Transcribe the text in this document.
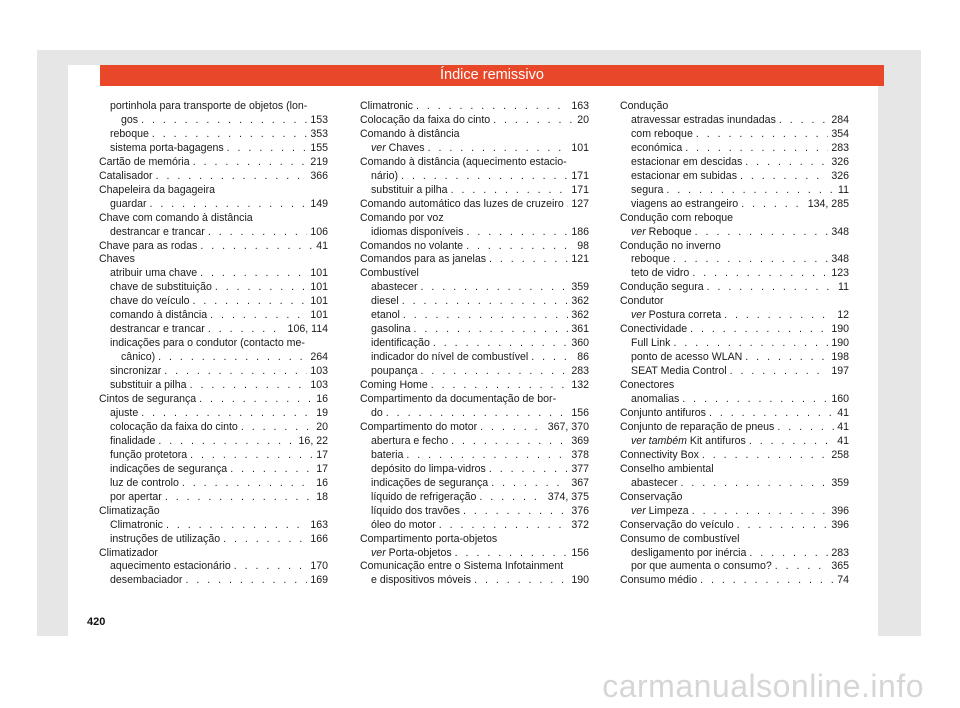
Índice remissivo
portinhola para transporte de objetos (lon-
gos . . .	153
reboque . . .	353
sistema porta-bagagens . . .	155
Cartão de memória . . .	219
Catalisador . . .	366
Chapeleira da bagageira
guardar . . .	149
Chave com comando à distância
destrancar e trancar . . .	106
Chave para as rodas . . .	41
Chaves
atribuir uma chave . . .	101
chave de substituição . . .	101
chave do veículo . . .	101
comando à distância . . .	101
destrancar e trancar . . .	106, 114
indicações para o condutor (contacto me-
cânico) . . .	264
sincronizar . . .	103
substituir a pilha . . .	103
Cintos de segurança . . .	16
ajuste . . .	19
colocação da faixa do cinto . . .	20
finalidade . . .	16, 22
função protetora . . .	17
indicações de segurança . . .	17
luz de controlo . . .	16
por apertar . . .	18
Climatização
Climatronic . . .	163
instruções de utilização . . .	166
Climatizador
aquecimento estacionário . . .	170
desembaciador . . .	169
Climatronic . . .	163
Colocação da faixa do cinto . . .	20
Comando à distância
ver Chaves . . .	101
Comando à distância (aquecimento estacio-
nário) . . .	171
substituir a pilha . . .	171
Comando automático das luzes de cruzeiro . . . 127
Comando por voz
idiomas disponíveis . . .	186
Comandos no volante . . .	98
Comandos para as janelas . . .	121
Combustível
abastecer . . .	359
diesel . . .	362
etanol . . .	362
gasolina . . .	361
identificação . . .	360
indicador do nível de combustível . . .	86
poupança . . .	283
Coming Home . . .	132
Compartimento da documentação de bor-
do . . .	156
Compartimento do motor . . .	367, 370
abertura e fecho . . .	369
bateria . . .	378
depósito do limpa-vidros . . .	377
indicações de segurança . . .	367
líquido de refrigeração . . .	374, 375
líquido dos travões . . .	376
óleo do motor . . .	372
Compartimento porta-objetos
ver Porta-objetos . . .	156
Comunicação entre o Sistema Infotainment
e dispositivos móveis . . .	190
Condução
atravessar estradas inundadas . . .	284
com reboque . . .	354
económica . . .	283
estacionar em descidas . . .	326
estacionar em subidas . . .	326
segura . . .	11
viagens ao estrangeiro . . .	134, 285
Condução com reboque
ver Reboque . . .	348
Condução no inverno
reboque . . .	348
teto de vidro . . .	123
Condução segura . . .	11
Condutor
ver Postura correta . . .	12
Conectividade . . .	190
Full Link . . .	190
ponto de acesso WLAN . . .	198
SEAT Media Control . . .	197
Conectores
anomalias . . .	160
Conjunto antifuros . . .	41
Conjunto de reparação de pneus . . .	41
ver também Kit antifuros . . .	41
Connectivity Box . . .	258
Conselho ambiental
abastecer . . .	359
Conservação
ver Limpeza . . .	396
Conservação do veículo . . .	396
Consumo de combustível
desligamento por inércia . . .	283
por que aumenta o consumo? . . .	365
Consumo médio . . .	74
420
carmanualsonline.info
